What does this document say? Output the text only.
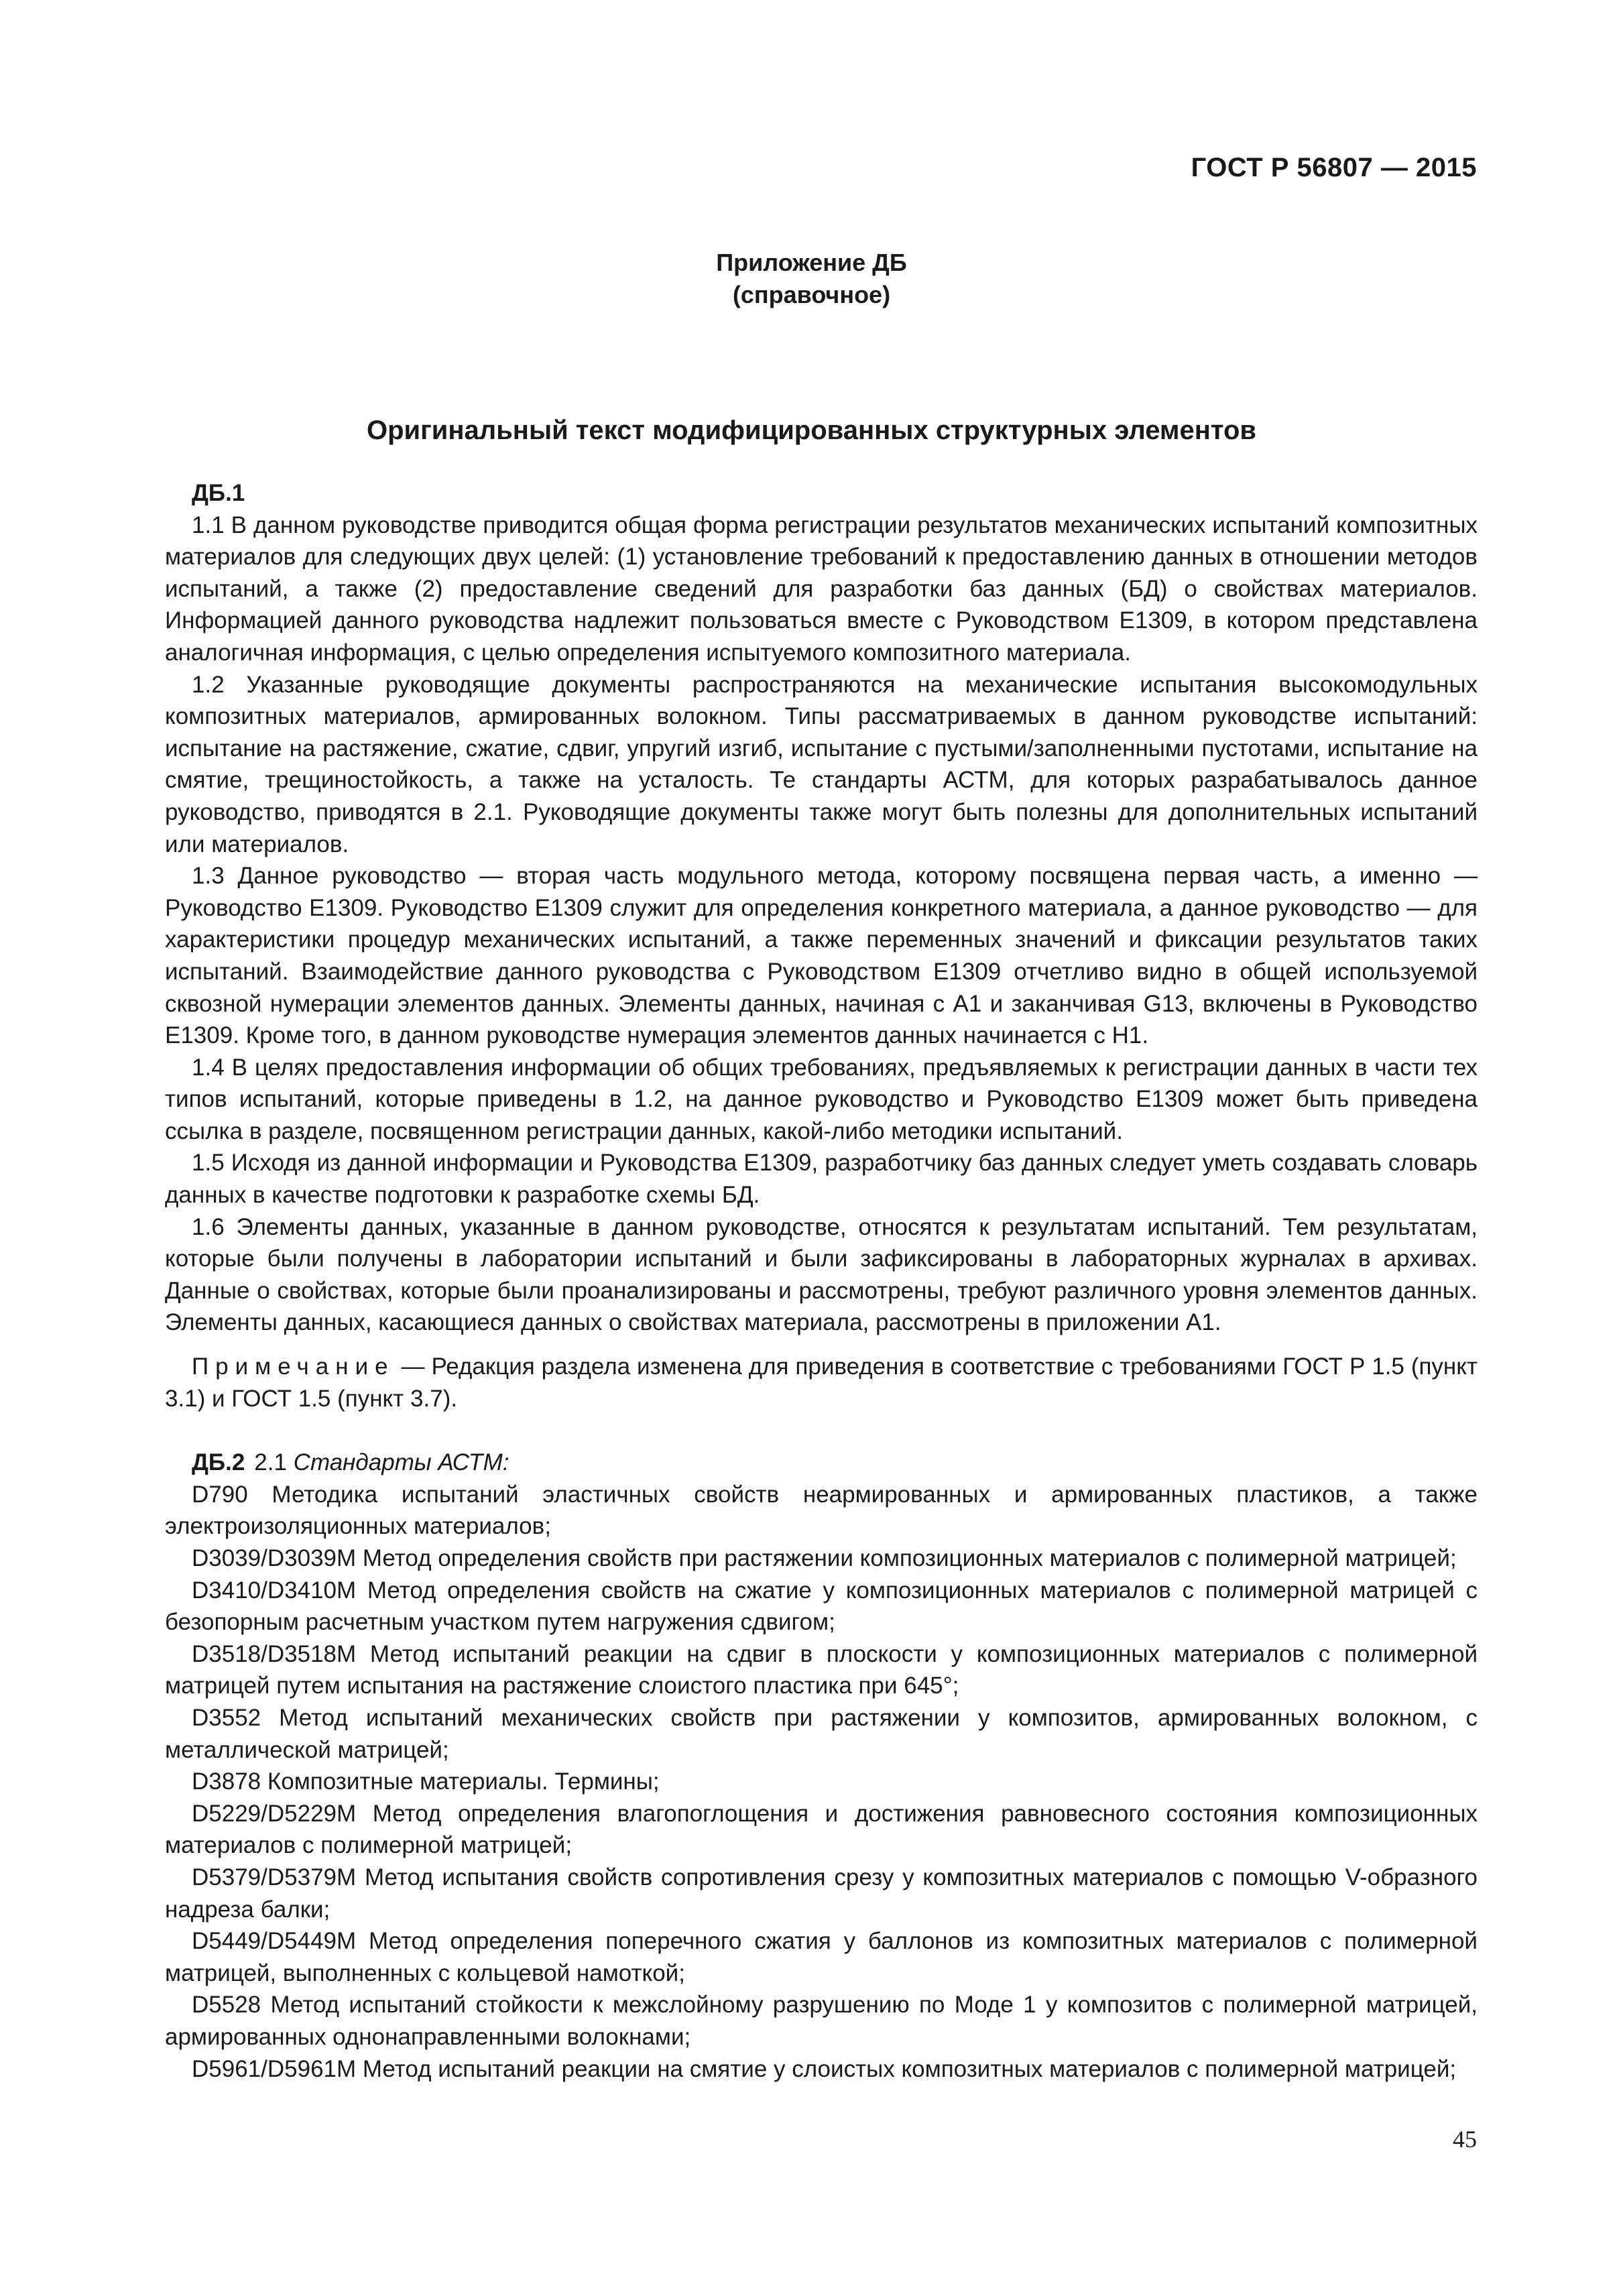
ГОСТ Р 56807 — 2015
Приложение ДБ
(справочное)
Оригинальный текст модифицированных структурных элементов

ДБ.1

1.1 В данном руководстве приводится общая форма регистрации результатов механических испытаний композитных материалов для следующих двух целей: (1) установление требований к предоставлению данных в отношении методов испытаний, а также (2) предоставление сведений для разработки баз данных (БД) о свойствах материалов. Информацией данного руководства надлежит пользоваться вместе с Руководством E1309, в котором представлена аналогичная информация, с целью определения испытуемого композитного материала.

1.2 Указанные руководящие документы распространяются на механические испытания высокомодульных композитных материалов, армированных волокном. Типы рассматриваемых в данном руководстве испытаний: испытание на растяжение, сжатие, сдвиг, упругий изгиб, испытание с пустыми/заполненными пустотами, испытание на смятие, трещиностойкость, а также на усталость. Те стандарты АСТМ, для которых разрабатывалось данное руководство, приводятся в 2.1. Руководящие документы также могут быть полезны для дополнительных испытаний или материалов.

1.3 Данное руководство — вторая часть модульного метода, которому посвящена первая часть, а именно — Руководство E1309. Руководство E1309 служит для определения конкретного материала, а данное руководство — для характеристики процедур механических испытаний, а также переменных значений и фиксации результатов таких испытаний. Взаимодействие данного руководства с Руководством E1309 отчетливо видно в общей используемой сквозной нумерации элементов данных. Элементы данных, начиная с А1 и заканчивая G13, включены в Руководство E1309. Кроме того, в данном руководстве нумерация элементов данных начинается с Н1.

1.4 В целях предоставления информации об общих требованиях, предъявляемых к регистрации данных в части тех типов испытаний, которые приведены в 1.2, на данное руководство и Руководство E1309 может быть приведена ссылка в разделе, посвященном регистрации данных, какой-либо методики испытаний.

1.5 Исходя из данной информации и Руководства E1309, разработчику баз данных следует уметь создавать словарь данных в качестве подготовки к разработке схемы БД.

1.6 Элементы данных, указанные в данном руководстве, относятся к результатам испытаний. Тем результатам, которые были получены в лаборатории испытаний и были зафиксированы в лабораторных журналах в архивах. Данные о свойствах, которые были проанализированы и рассмотрены, требуют различного уровня элементов данных. Элементы данных, касающиеся данных о свойствах материала, рассмотрены в приложении А1.

Примечание — Редакция раздела изменена для приведения в соответствие с требованиями ГОСТ Р 1.5 (пункт 3.1) и ГОСТ 1.5 (пункт 3.7).

ДБ.2 2.1 Стандарты АСТМ:

D790 Методика испытаний эластичных свойств неармированных и армированных пластиков, а также электроизоляционных материалов;

D3039/D3039M Метод определения свойств при растяжении композиционных материалов с полимерной матрицей;

D3410/D3410M Метод определения свойств на сжатие у композиционных материалов с полимерной матрицей с безопорным расчетным участком путем нагружения сдвигом;

D3518/D3518M Метод испытаний реакции на сдвиг в плоскости у композиционных материалов с полимерной матрицей путем испытания на растяжение слоистого пластика при 645°;

D3552 Метод испытаний механических свойств при растяжении у композитов, армированных волокном, с металлической матрицей;

D3878 Композитные материалы. Термины;

D5229/D5229M Метод определения влагопоглощения и достижения равновесного состояния композиционных материалов с полимерной матрицей;

D5379/D5379M Метод испытания свойств сопротивления срезу у композитных материалов с помощью V-образного надреза балки;

D5449/D5449M Метод определения поперечного сжатия у баллонов из композитных материалов с полимерной матрицей, выполненных с кольцевой намоткой;

D5528 Метод испытаний стойкости к межслойному разрушению по Моде 1 у композитов с полимерной матрицей, армированных однонаправленными волокнами;

D5961/D5961M Метод испытаний реакции на смятие у слоистых композитных материалов с полимерной матрицей;

45
